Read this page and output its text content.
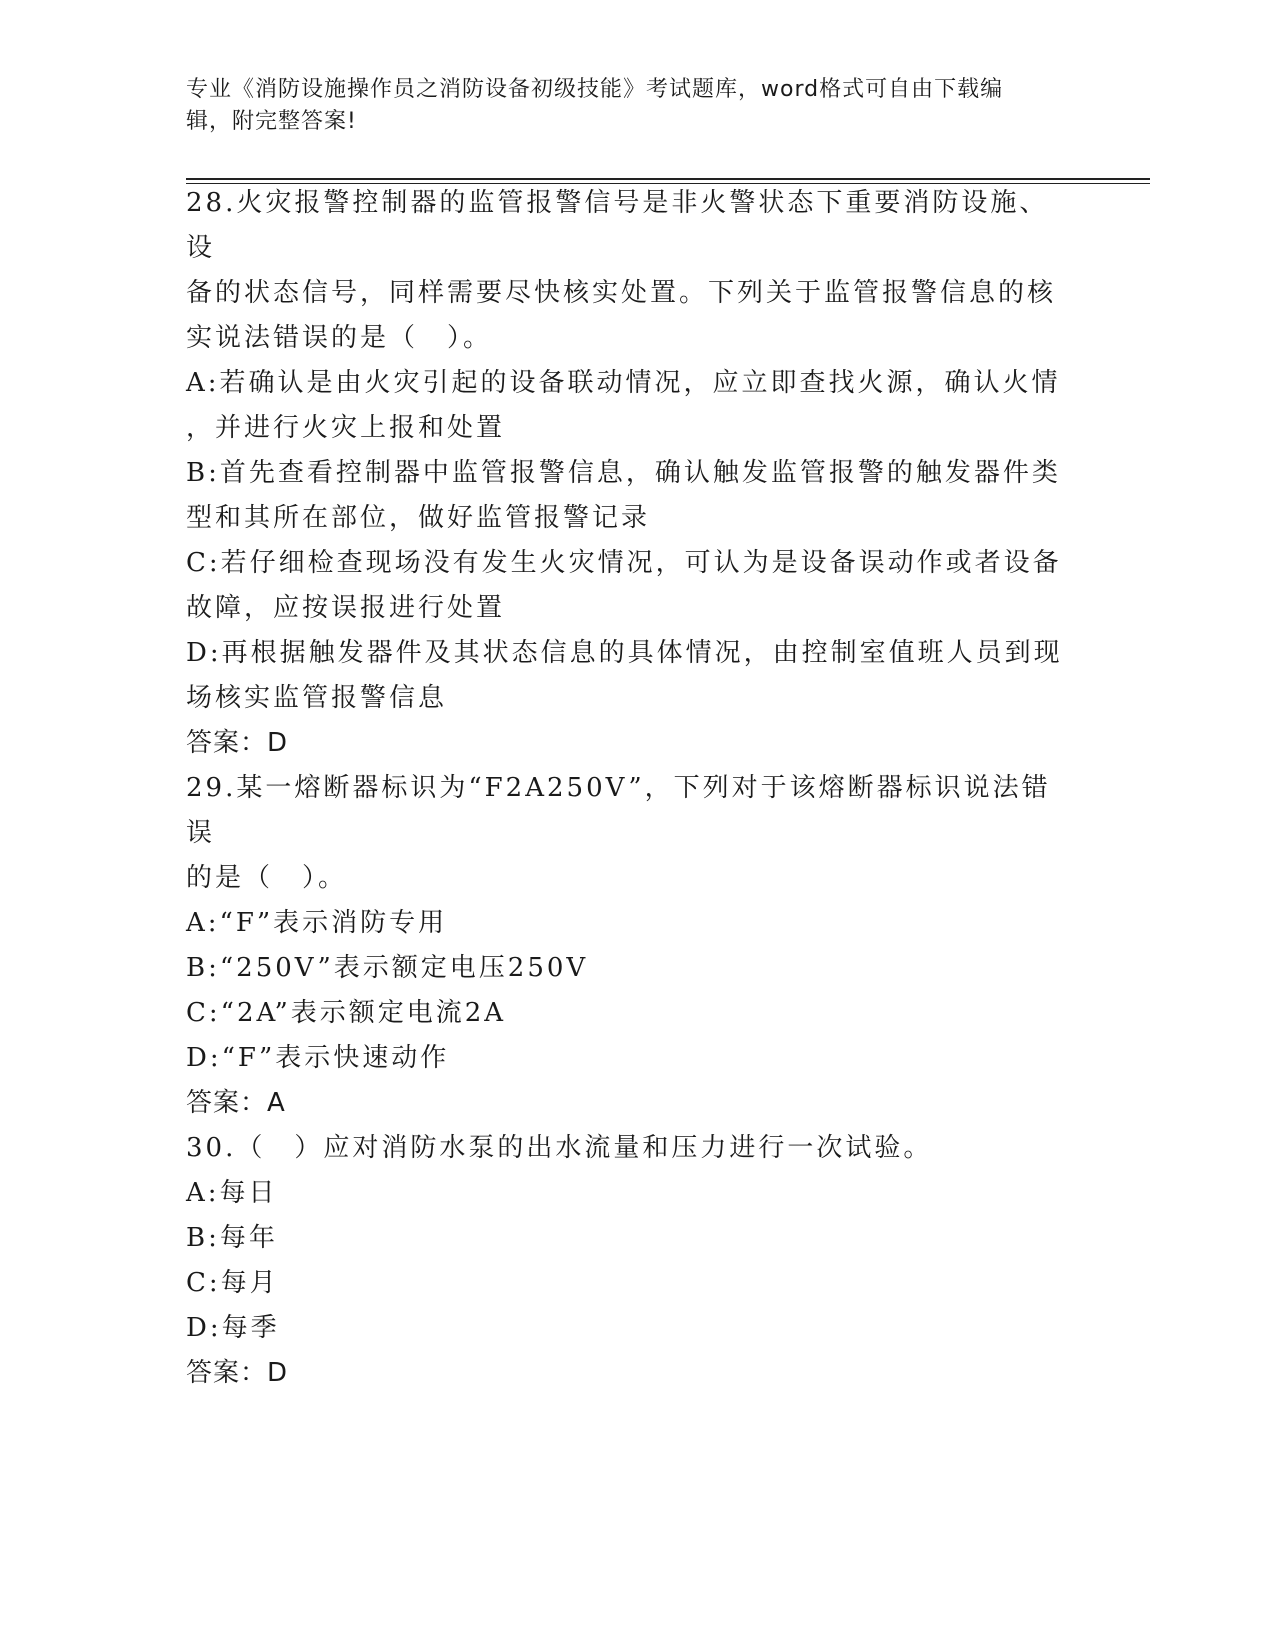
专业《消防设施操作员之消防设备初级技能》考试题库，word格式可自由下载编
辑，附完整答案!
28.火灾报警控制器的监管报警信号是非火警状态下重要消防设施、设
备的状态信号，同样需要尽快核实处置。下列关于监管报警信息的核
实说法错误的是（　）。
A:若确认是由火灾引起的设备联动情况，应立即查找火源，确认火情
，并进行火灾上报和处置
B:首先查看控制器中监管报警信息，确认触发监管报警的触发器件类
型和其所在部位，做好监管报警记录
C:若仔细检查现场没有发生火灾情况，可认为是设备误动作或者设备
故障，应按误报进行处置
D:再根据触发器件及其状态信息的具体情况，由控制室值班人员到现
场核实监管报警信息
答案：D
29.某一熔断器标识为“F2A250V”，下列对于该熔断器标识说法错误
的是（　）。
A:“F”表示消防专用
B:“250V”表示额定电压250V
C:“2A”表示额定电流2A
D:“F”表示快速动作
答案：A
30.（　）应对消防水泵的出水流量和压力进行一次试验。
A:每日
B:每年
C:每月
D:每季
答案：D
